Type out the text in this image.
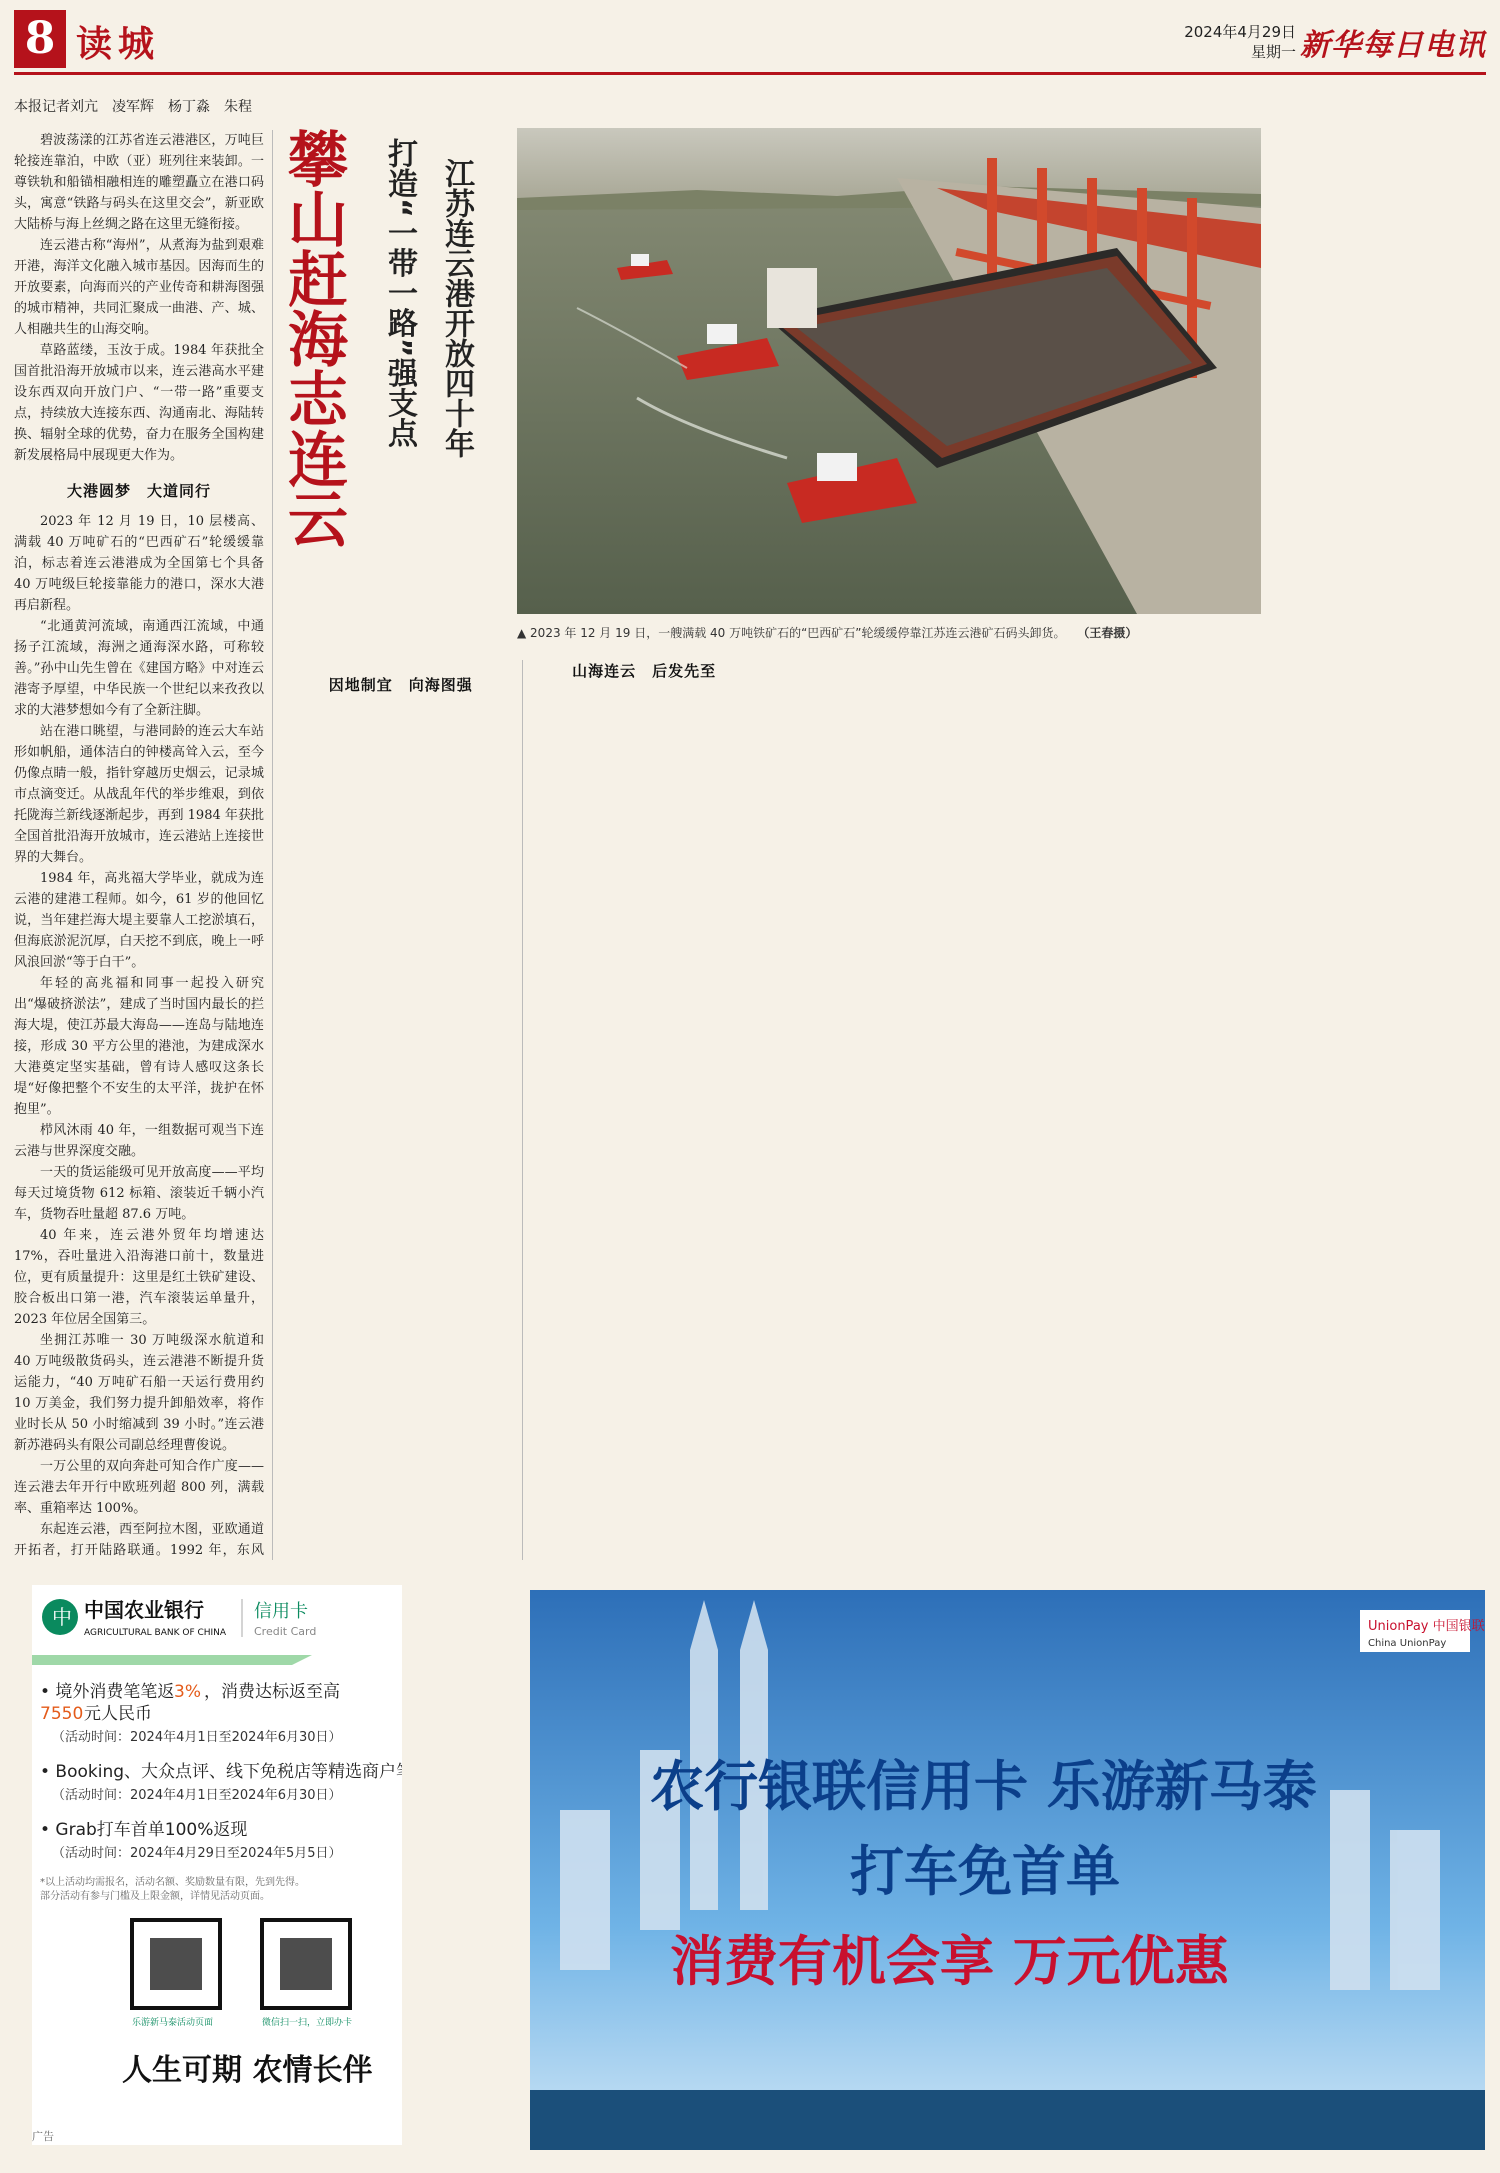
8 读城	2024年4月29日
星期一 新华每日电讯
本报记者刘亢　凌军辉　杨丁淼　朱程
攀山赶海志连云 打造“一带一路”强支点 江苏连云港开放四十年
▲ 2023 年 12 月 19 日，一艘满载 40 万吨铁矿石的“巴西矿石”轮缓缓停靠江苏连云港矿石码头卸货。 （王春摄）

碧波荡漾的江苏省连云港港区，万吨巨轮接连靠泊，中欧（亚）班列往来装卸。一尊铁轨和船锚相融相连的雕塑矗立在港口码头，寓意“铁路与码头在这里交会”，新亚欧大陆桥与海上丝绸之路在这里无缝衔接。

连云港古称“海州”，从煮海为盐到艰难开港，海洋文化融入城市基因。因海而生的开放要素，向海而兴的产业传奇和耕海图强的城市精神，共同汇聚成一曲港、产、城、人相融共生的山海交响。

草路蓝缕，玉汝于成。1984 年获批全国首批沿海开放城市以来，连云港高水平建设东西双向开放门户、“一带一路”重要支点，持续放大连接东西、沟通南北、海陆转换、辐射全球的优势，奋力在服务全国构建新发展格局中展现更大作为。

大港圆梦　大道同行

2023 年 12 月 19 日，10 层楼高、满载 40 万吨矿石的“巴西矿石”轮缓缓靠泊，标志着连云港港成为全国第七个具备 40 万吨级巨轮接靠能力的港口，深水大港再启新程。

“北通黄河流域，南通西江流域，中通扬子江流域，海洲之通海深水路，可称较善。”孙中山先生曾在《建国方略》中对连云港寄予厚望，中华民族一个世纪以来孜孜以求的大港梦想如今有了全新注脚。

站在港口眺望，与港同龄的连云大车站形如帆船，通体洁白的钟楼高耸入云，至今仍像点睛一般，指针穿越历史烟云，记录城市点滴变迁。从战乱年代的举步维艰，到依托陇海兰新线逐渐起步，再到 1984 年获批全国首批沿海开放城市，连云港站上连接世界的大舞台。

1984 年，高兆福大学毕业，就成为连云港的建港工程师。如今，61 岁的他回忆说，当年建拦海大堤主要靠人工挖淤填石，但海底淤泥沉厚，白天挖不到底，晚上一呼风浪回淤“等于白干”。

年轻的高兆福和同事一起投入研究出“爆破挤淤法”，建成了当时国内最长的拦海大堤，使江苏最大海岛——连岛与陆地连接，形成 30 平方公里的港池，为建成深水大港奠定坚实基础，曾有诗人感叹这条长堤“好像把整个不安生的太平洋，拢护在怀抱里”。

栉风沐雨 40 年，一组数据可观当下连云港与世界深度交融。

一天的货运能级可见开放高度——平均每天过境货物 612 标箱、滚装近千辆小汽车，货物吞吐量超 87.6 万吨。

40 年来，连云港外贸年均增速达 17%，吞吐量进入沿海港口前十，数量进位，更有质量提升：这里是红土铁矿建设、胶合板出口第一港，汽车滚装运单量升，2023 年位居全国第三。

坐拥江苏唯一 30 万吨级深水航道和 40 万吨级散货码头，连云港港不断提升货运能力，“40 万吨矿石船一天运行费用约 10 万美金，我们努力提升卸船效率，将作业时长从 50 小时缩减到 39 小时。”连云港新苏港码头有限公司副总经理曹俊说。

一万公里的双向奔赴可知合作广度——连云港去年开行中欧班列超 800 列，满载率、重箱率达 100%。

东起连云港，西至阿拉木图，亚欧通道开拓者，打开陆路联通。1992 年，东风

因地制宜　向海图强
山海连云　后发先至
中 中国农业银行
AGRICULTURAL BANK OF CHINA
信用卡
Credit Card
• 境外消费笔笔返 3% ，消费达标返至高
7550 元人民币
（活动时间：2024年4月1日至2024年6月30日）
• Booking、大众点评、线下免税店等精选商户
（活动时间：2024年4月1日至2024年6月30日）
• Grab打车首单100%返现
（活动时间：2024年4月29日至2024年5月5日）
*以上活动均需报名，活动名额、奖励数量有限，先到先得。
部分活动有参与门槛及上限金额，详情见活动页面。
乐游新马泰活动页面	微信扫一扫，立即办卡
人生可期 农情长伴
广告
UnionPay 中国银联
China UnionPay
农行银联信用卡 乐游新马泰
打车免首单
消费有机会享 万元优惠
